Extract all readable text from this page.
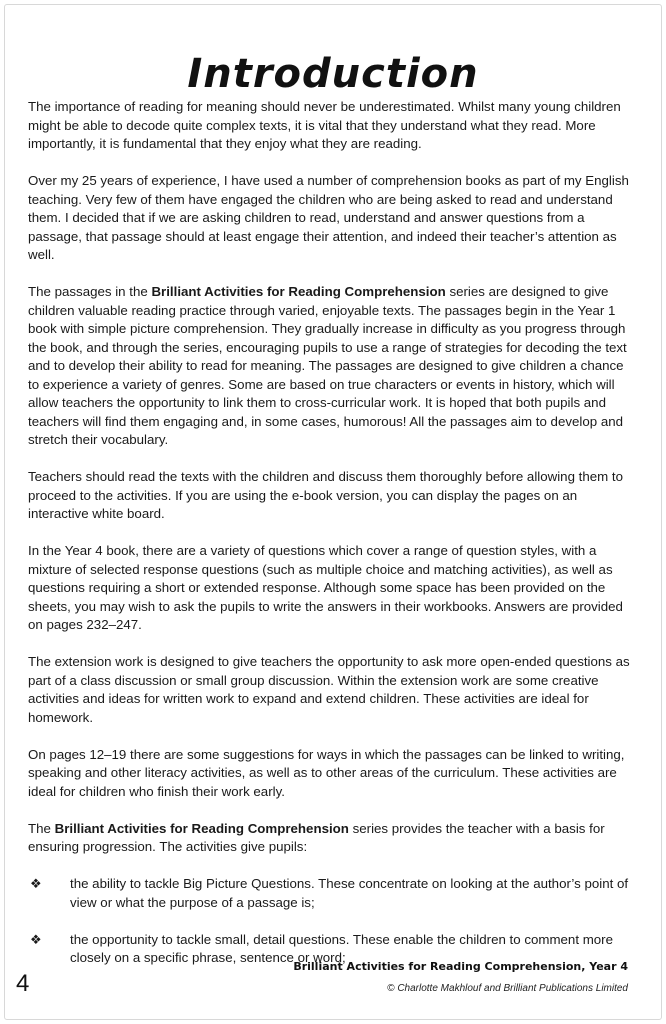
Introduction

The importance of reading for meaning should never be underestimated. Whilst many young children might be able to decode quite complex texts, it is vital that they understand what they read. More importantly, it is fundamental that they enjoy what they are reading.

Over my 25 years of experience, I have used a number of comprehension books as part of my English teaching. Very few of them have engaged the children who are being asked to read and understand them. I decided that if we are asking children to read, understand and answer questions from a passage, that passage should at least engage their attention, and indeed their teacher’s attention as well.

The passages in the Brilliant Activities for Reading Comprehension series are designed to give children valuable reading practice through varied, enjoyable texts. The passages begin in the Year 1 book with simple picture comprehension. They gradually increase in difficulty as you progress through the book, and through the series, encouraging pupils to use a range of strategies for decoding the text and to develop their ability to read for meaning. The passages are designed to give children a chance to experience a variety of genres. Some are based on true characters or events in history, which will allow teachers the opportunity to link them to cross-curricular work. It is hoped that both pupils and teachers will find them engaging and, in some cases, humorous! All the passages aim to develop and stretch their vocabulary.

Teachers should read the texts with the children and discuss them thoroughly before allowing them to proceed to the activities. If you are using the e-book version, you can display the pages on an interactive white board.

In the Year 4 book, there are a variety of questions which cover a range of question styles, with a mixture of selected response questions (such as multiple choice and matching activities), as well as questions requiring a short or extended response. Although some space has been provided on the sheets, you may wish to ask the pupils to write the answers in their workbooks. Answers are provided on pages 232–247.

The extension work is designed to give teachers the opportunity to ask more open-ended questions as part of a class discussion or small group discussion. Within the extension work are some creative activities and ideas for written work to expand and extend children. These activities are ideal for homework.

On pages 12–19 there are some suggestions for ways in which the passages can be linked to writing, speaking and other literacy activities, as well as to other areas of the curriculum. These activities are ideal for children who finish their work early.

The Brilliant Activities for Reading Comprehension series provides the teacher with a basis for ensuring progression. The activities give pupils:

❖	the ability to tackle Big Picture Questions. These concentrate on looking at the author’s point of view or what the purpose of a passage is;
❖	the opportunity to tackle small, detail questions. These enable the children to comment more closely on a specific phrase, sentence or word;
4
Brilliant Activities for Reading Comprehension, Year 4
© Charlotte Makhlouf and Brilliant Publications Limited
